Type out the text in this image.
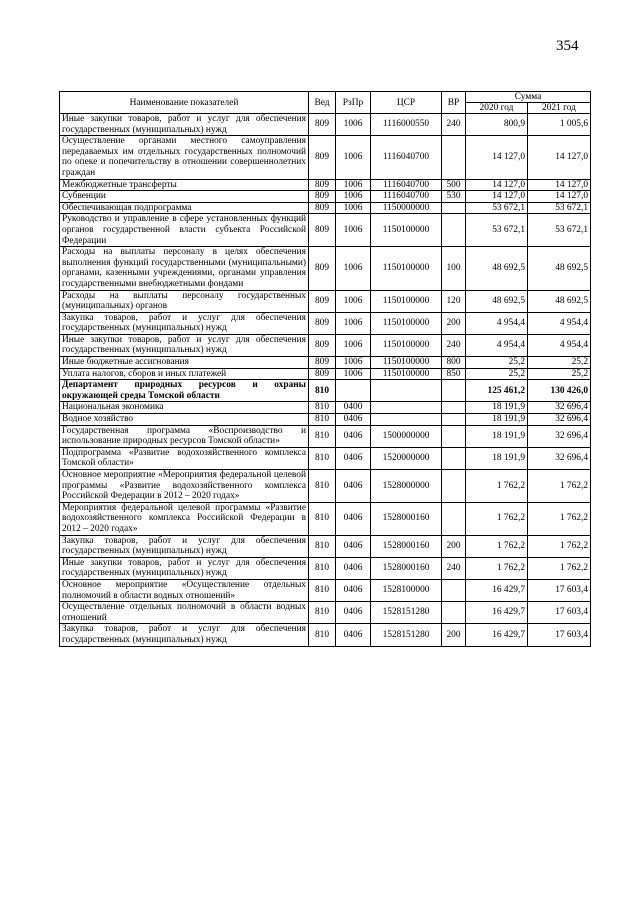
354
Наименование показателей	Вед	РзПр	ЦСР	ВР	Сумма	
					2020 год	2021 год
Иные закупки товаров, работ и услуг для обеспечения государственных (муниципальных) нужд	809	1006	1116000550	240	800,9	1 005,6
Осуществление органами местного самоуправления передаваемых им отдельных государственных полномочий по опеке и попечительству в отношении совершеннолетних граждан	809	1006	1116040700		14 127,0	14 127,0
Межбюджетные трансферты	809	1006	1116040700	500	14 127,0	14 127,0
Субвенции	809	1006	1116040700	530	14 127,0	14 127,0
Обеспечивающая подпрограмма	809	1006	1150000000		53 672,1	53 672,1
Руководство и управление в сфере установленных функций органов государственной власти субъекта Российской Федерации	809	1006	1150100000		53 672,1	53 672,1
Расходы на выплаты персоналу в целях обеспечения выполнения функций государственными (муниципальными) органами, казенными учреждениями, органами управления государственными внебюджетными фондами	809	1006	1150100000	100	48 692,5	48 692,5
Расходы на выплаты персоналу государственных (муниципальных) органов	809	1006	1150100000	120	48 692,5	48 692,5
Закупка товаров, работ и услуг для обеспечения государственных (муниципальных) нужд	809	1006	1150100000	200	4 954,4	4 954,4
Иные закупки товаров, работ и услуг для обеспечения государственных (муниципальных) нужд	809	1006	1150100000	240	4 954,4	4 954,4
Иные бюджетные ассигнования	809	1006	1150100000	800	25,2	25,2
Уплата налогов, сборов и иных платежей	809	1006	1150100000	850	25,2	25,2
Департамент природных ресурсов и охраны окружающей среды Томской области	810				125 461,2	130 426,0
Национальная экономика	810	0400			18 191,9	32 696,4
Водное хозяйство	810	0406			18 191,9	32 696,4
Государственная программа «Воспроизводство и использование природных ресурсов Томской области»	810	0406	1500000000		18 191,9	32 696,4
Подпрограмма «Развитие водохозяйственного комплекса Томской области»	810	0406	1520000000		18 191,9	32 696,4
Основное мероприятие «Мероприятия федеральной целевой программы «Развитие водохозяйственного комплекса Российской Федерации в 2012 – 2020 годах»	810	0406	1528000000		1 762,2	1 762,2
Мероприятия федеральной целевой программы «Развитие водохозяйственного комплекса Российской Федерации в 2012 – 2020 годах»	810	0406	1528000160		1 762,2	1 762,2
Закупка товаров, работ и услуг для обеспечения государственных (муниципальных) нужд	810	0406	1528000160	200	1 762,2	1 762,2
Иные закупки товаров, работ и услуг для обеспечения государственных (муниципальных) нужд	810	0406	1528000160	240	1 762,2	1 762,2
Основное мероприятие «Осуществление отдельных полномочий в области водных отношений»	810	0406	1528100000		16 429,7	17 603,4
Осуществление отдельных полномочий в области водных отношений	810	0406	1528151280		16 429,7	17 603,4
Закупка товаров, работ и услуг для обеспечения государственных (муниципальных) нужд	810	0406	1528151280	200	16 429,7	17 603,4
